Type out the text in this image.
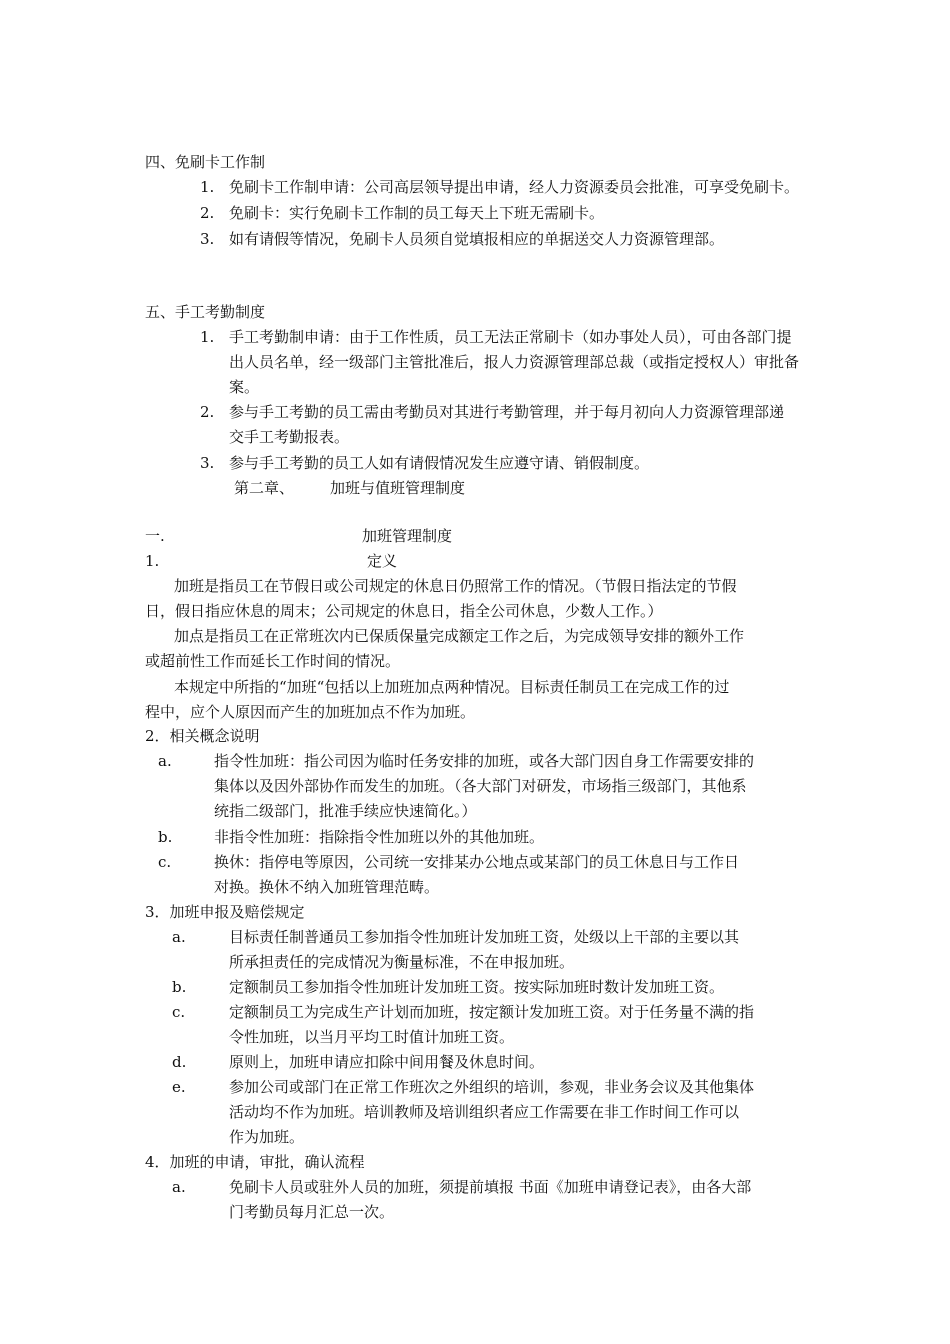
四、免刷卡工作制
1. 免刷卡工作制申请：公司高层领导提出申请，经人力资源委员会批准，可享受免刷卡。
2. 免刷卡：实行免刷卡工作制的员工每天上下班无需刷卡。
3. 如有请假等情况，免刷卡人员须自觉填报相应的单据送交人力资源管理部。
五、手工考勤制度
1. 手工考勤制申请：由于工作性质，员工无法正常刷卡（如办事处人员），可由各部门提
出人员名单，经一级部门主管批准后，报人力资源管理部总裁（或指定授权人）审批备
案。
2. 参与手工考勤的员工需由考勤员对其进行考勤管理，并于每月初向人力资源管理部递
交手工考勤报表。
3. 参与手工考勤的员工人如有请假情况发生应遵守请、销假制度。
第二章、 加班与值班管理制度
一.	加班管理制度
1.	定义
加班是指员工在节假日或公司规定的休息日仍照常工作的情况。（节假日指法定的节假
日，假日指应休息的周末；公司规定的休息日，指全公司休息，少数人工作。）
加点是指员工在正常班次内已保质保量完成额定工作之后，为完成领导安排的额外工作
或超前性工作而延长工作时间的情况。
本规定中所指的“加班“包括以上加班加点两种情况。目标责任制员工在完成工作的过
程中，应个人原因而产生的加班加点不作为加班。
2．相关概念说明
a.	指令性加班：指公司因为临时任务安排的加班，或各大部门因自身工作需要安排的
集体以及因外部协作而发生的加班。（各大部门对研发，市场指三级部门，其他系
统指二级部门，批准手续应快速简化。）
b.	非指令性加班：指除指令性加班以外的其他加班。
c.	换休：指停电等原因，公司统一安排某办公地点或某部门的员工休息日与工作日
对换。换休不纳入加班管理范畴。
3．加班申报及赔偿规定
a.	目标责任制普通员工参加指令性加班计发加班工资，处级以上干部的主要以其
所承担责任的完成情况为衡量标准，不在申报加班。
b.	定额制员工参加指令性加班计发加班工资。按实际加班时数计发加班工资。
c.	定额制员工为完成生产计划而加班，按定额计发加班工资。对于任务量不满的指
令性加班，以当月平均工时值计加班工资。
d.	原则上，加班申请应扣除中间用餐及休息时间。
e.	参加公司或部门在正常工作班次之外组织的培训，参观，非业务会议及其他集体
活动均不作为加班。培训教师及培训组织者应工作需要在非工作时间工作可以
作为加班。
4．加班的申请，审批，确认流程
a.	免刷卡人员或驻外人员的加班，须提前填报 书面《加班申请登记表》，由各大部
门考勤员每月汇总一次。
